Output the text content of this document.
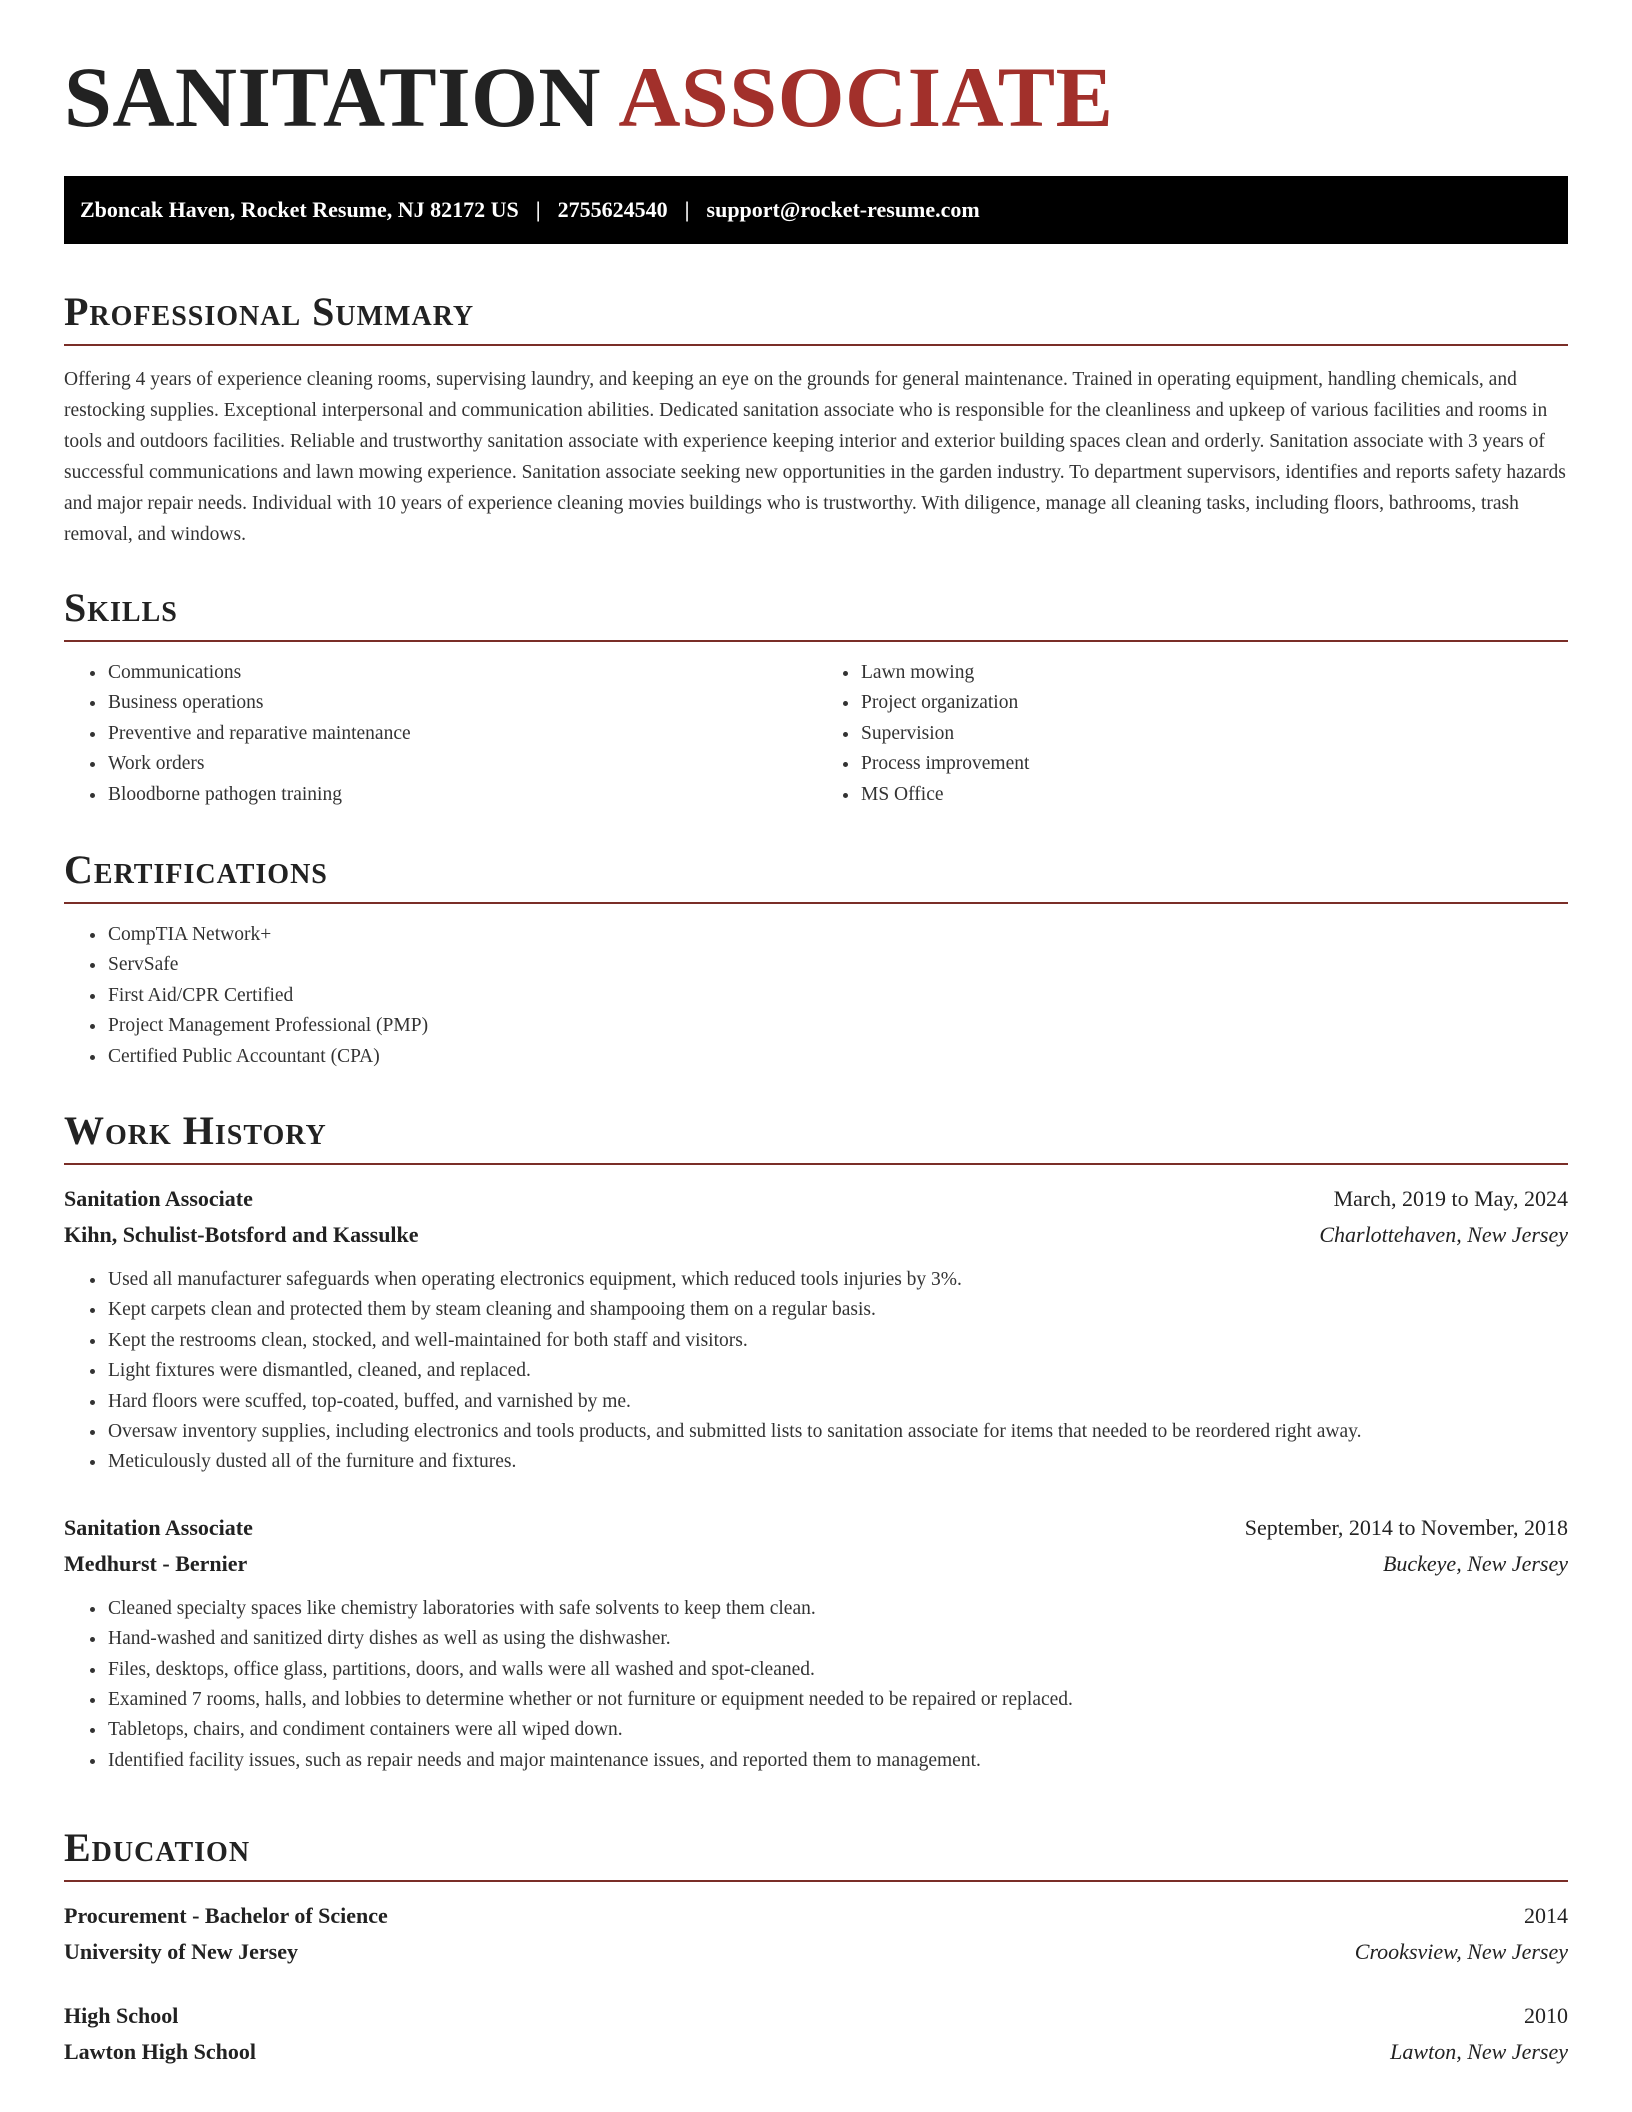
SANITATION ASSOCIATE
Zboncak Haven, Rocket Resume, NJ 82172 US | 2755624540 | support@rocket-resume.com
Professional Summary

Offering 4 years of experience cleaning rooms, supervising laundry, and keeping an eye on the grounds for general maintenance. Trained in operating equipment, handling chemicals, and restocking supplies. Exceptional interpersonal and communication abilities. Dedicated sanitation associate who is responsible for the cleanliness and upkeep of various facilities and rooms in tools and outdoors facilities. Reliable and trustworthy sanitation associate with experience keeping interior and exterior building spaces clean and orderly. Sanitation associate with 3 years of successful communications and lawn mowing experience. Sanitation associate seeking new opportunities in the garden industry. To department supervisors, identifies and reports safety hazards and major repair needs. Individual with 10 years of experience cleaning movies buildings who is trustworthy. With diligence, manage all cleaning tasks, including floors, bathrooms, trash removal, and windows.

Skills
• Communications
• Business operations
• Preventive and reparative maintenance
• Work orders
• Bloodborne pathogen training
• Lawn mowing
• Project organization
• Supervision
• Process improvement
• MS Office
Certifications
• CompTIA Network+
• ServSafe
• First Aid/CPR Certified
• Project Management Professional (PMP)
• Certified Public Accountant (CPA)
Work History
Sanitation Associate	March, 2019 to May, 2024
Kihn, Schulist-Botsford and Kassulke	Charlottehaven, New Jersey
• Used all manufacturer safeguards when operating electronics equipment, which reduced tools injuries by 3%.
• Kept carpets clean and protected them by steam cleaning and shampooing them on a regular basis.
• Kept the restrooms clean, stocked, and well-maintained for both staff and visitors.
• Light fixtures were dismantled, cleaned, and replaced.
• Hard floors were scuffed, top-coated, buffed, and varnished by me.
• Oversaw inventory supplies, including electronics and tools products, and submitted lists to sanitation associate for items that needed to be reordered right away.
• Meticulously dusted all of the furniture and fixtures.
Sanitation Associate	September, 2014 to November, 2018
Medhurst - Bernier	Buckeye, New Jersey
• Cleaned specialty spaces like chemistry laboratories with safe solvents to keep them clean.
• Hand-washed and sanitized dirty dishes as well as using the dishwasher.
• Files, desktops, office glass, partitions, doors, and walls were all washed and spot-cleaned.
• Examined 7 rooms, halls, and lobbies to determine whether or not furniture or equipment needed to be repaired or replaced.
• Tabletops, chairs, and condiment containers were all wiped down.
• Identified facility issues, such as repair needs and major maintenance issues, and reported them to management.
Education
Procurement - Bachelor of Science	2014
University of New Jersey	Crooksview, New Jersey
High School	2010
Lawton High School	Lawton, New Jersey
